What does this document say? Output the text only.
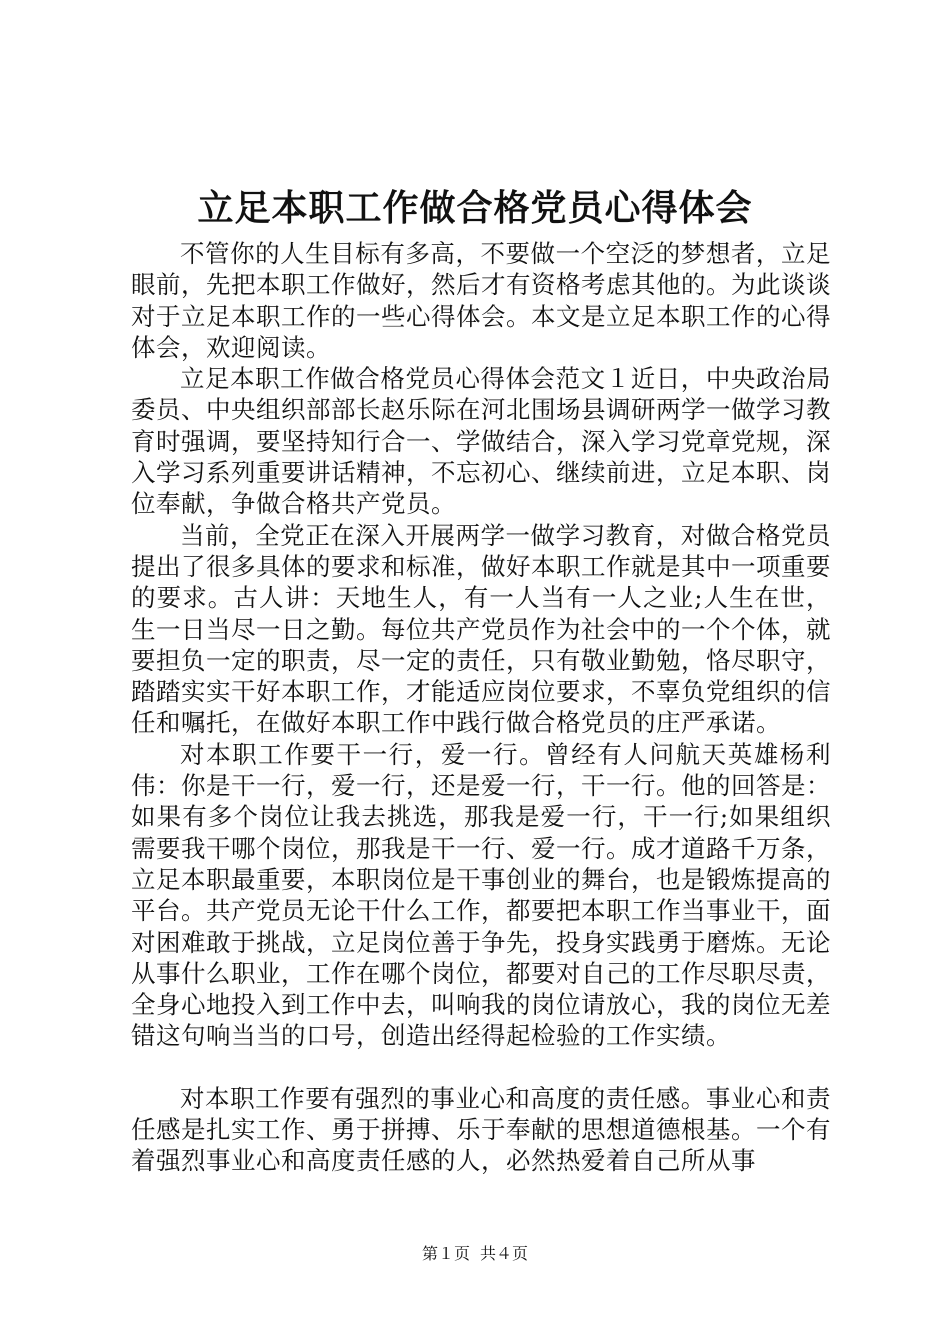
立足本职工作做合格党员心得体会

不管你的人生目标有多高，不要做一个空泛的梦想者，立足眼前，先把本职工作做好，然后才有资格考虑其他的。为此谈谈对于立足本职工作的一些心得体会。本文是立足本职工作的心得体会，欢迎阅读。

立足本职工作做合格党员心得体会范文１近日，中央政治局委员、中央组织部部长赵乐际在河北围场县调研两学一做学习教育时强调，要坚持知行合一、学做结合，深入学习党章党规，深入学习系列重要讲话精神，不忘初心、继续前进，立足本职、岗位奉献，争做合格共产党员。

当前，全党正在深入开展两学一做学习教育，对做合格党员提出了很多具体的要求和标准，做好本职工作就是其中一项重要的要求。古人讲：天地生人，有一人当有一人之业;人生在世，生一日当尽一日之勤。每位共产党员作为社会中的一个个体，就要担负一定的职责，尽一定的责任，只有敬业勤勉，恪尽职守，踏踏实实干好本职工作，才能适应岗位要求，不辜负党组织的信任和嘱托，在做好本职工作中践行做合格党员的庄严承诺。

对本职工作要干一行，爱一行。曾经有人问航天英雄杨利伟：你是干一行，爱一行，还是爱一行，干一行。他的回答是：如果有多个岗位让我去挑选，那我是爱一行，干一行;如果组织需要我干哪个岗位，那我是干一行、爱一行。成才道路千万条，立足本职最重要，本职岗位是干事创业的舞台，也是锻炼提高的平台。共产党员无论干什么工作，都要把本职工作当事业干，面对困难敢于挑战，立足岗位善于争先，投身实践勇于磨炼。无论从事什么职业，工作在哪个岗位，都要对自己的工作尽职尽责，全身心地投入到工作中去，叫响我的岗位请放心，我的岗位无差错这句响当当的口号，创造出经得起检验的工作实绩。

对本职工作要有强烈的事业心和高度的责任感。事业心和责任感是扎实工作、勇于拼搏、乐于奉献的思想道德根基。一个有着强烈事业心和高度责任感的人，必然热爱着自己所从事

第１页 共４页
